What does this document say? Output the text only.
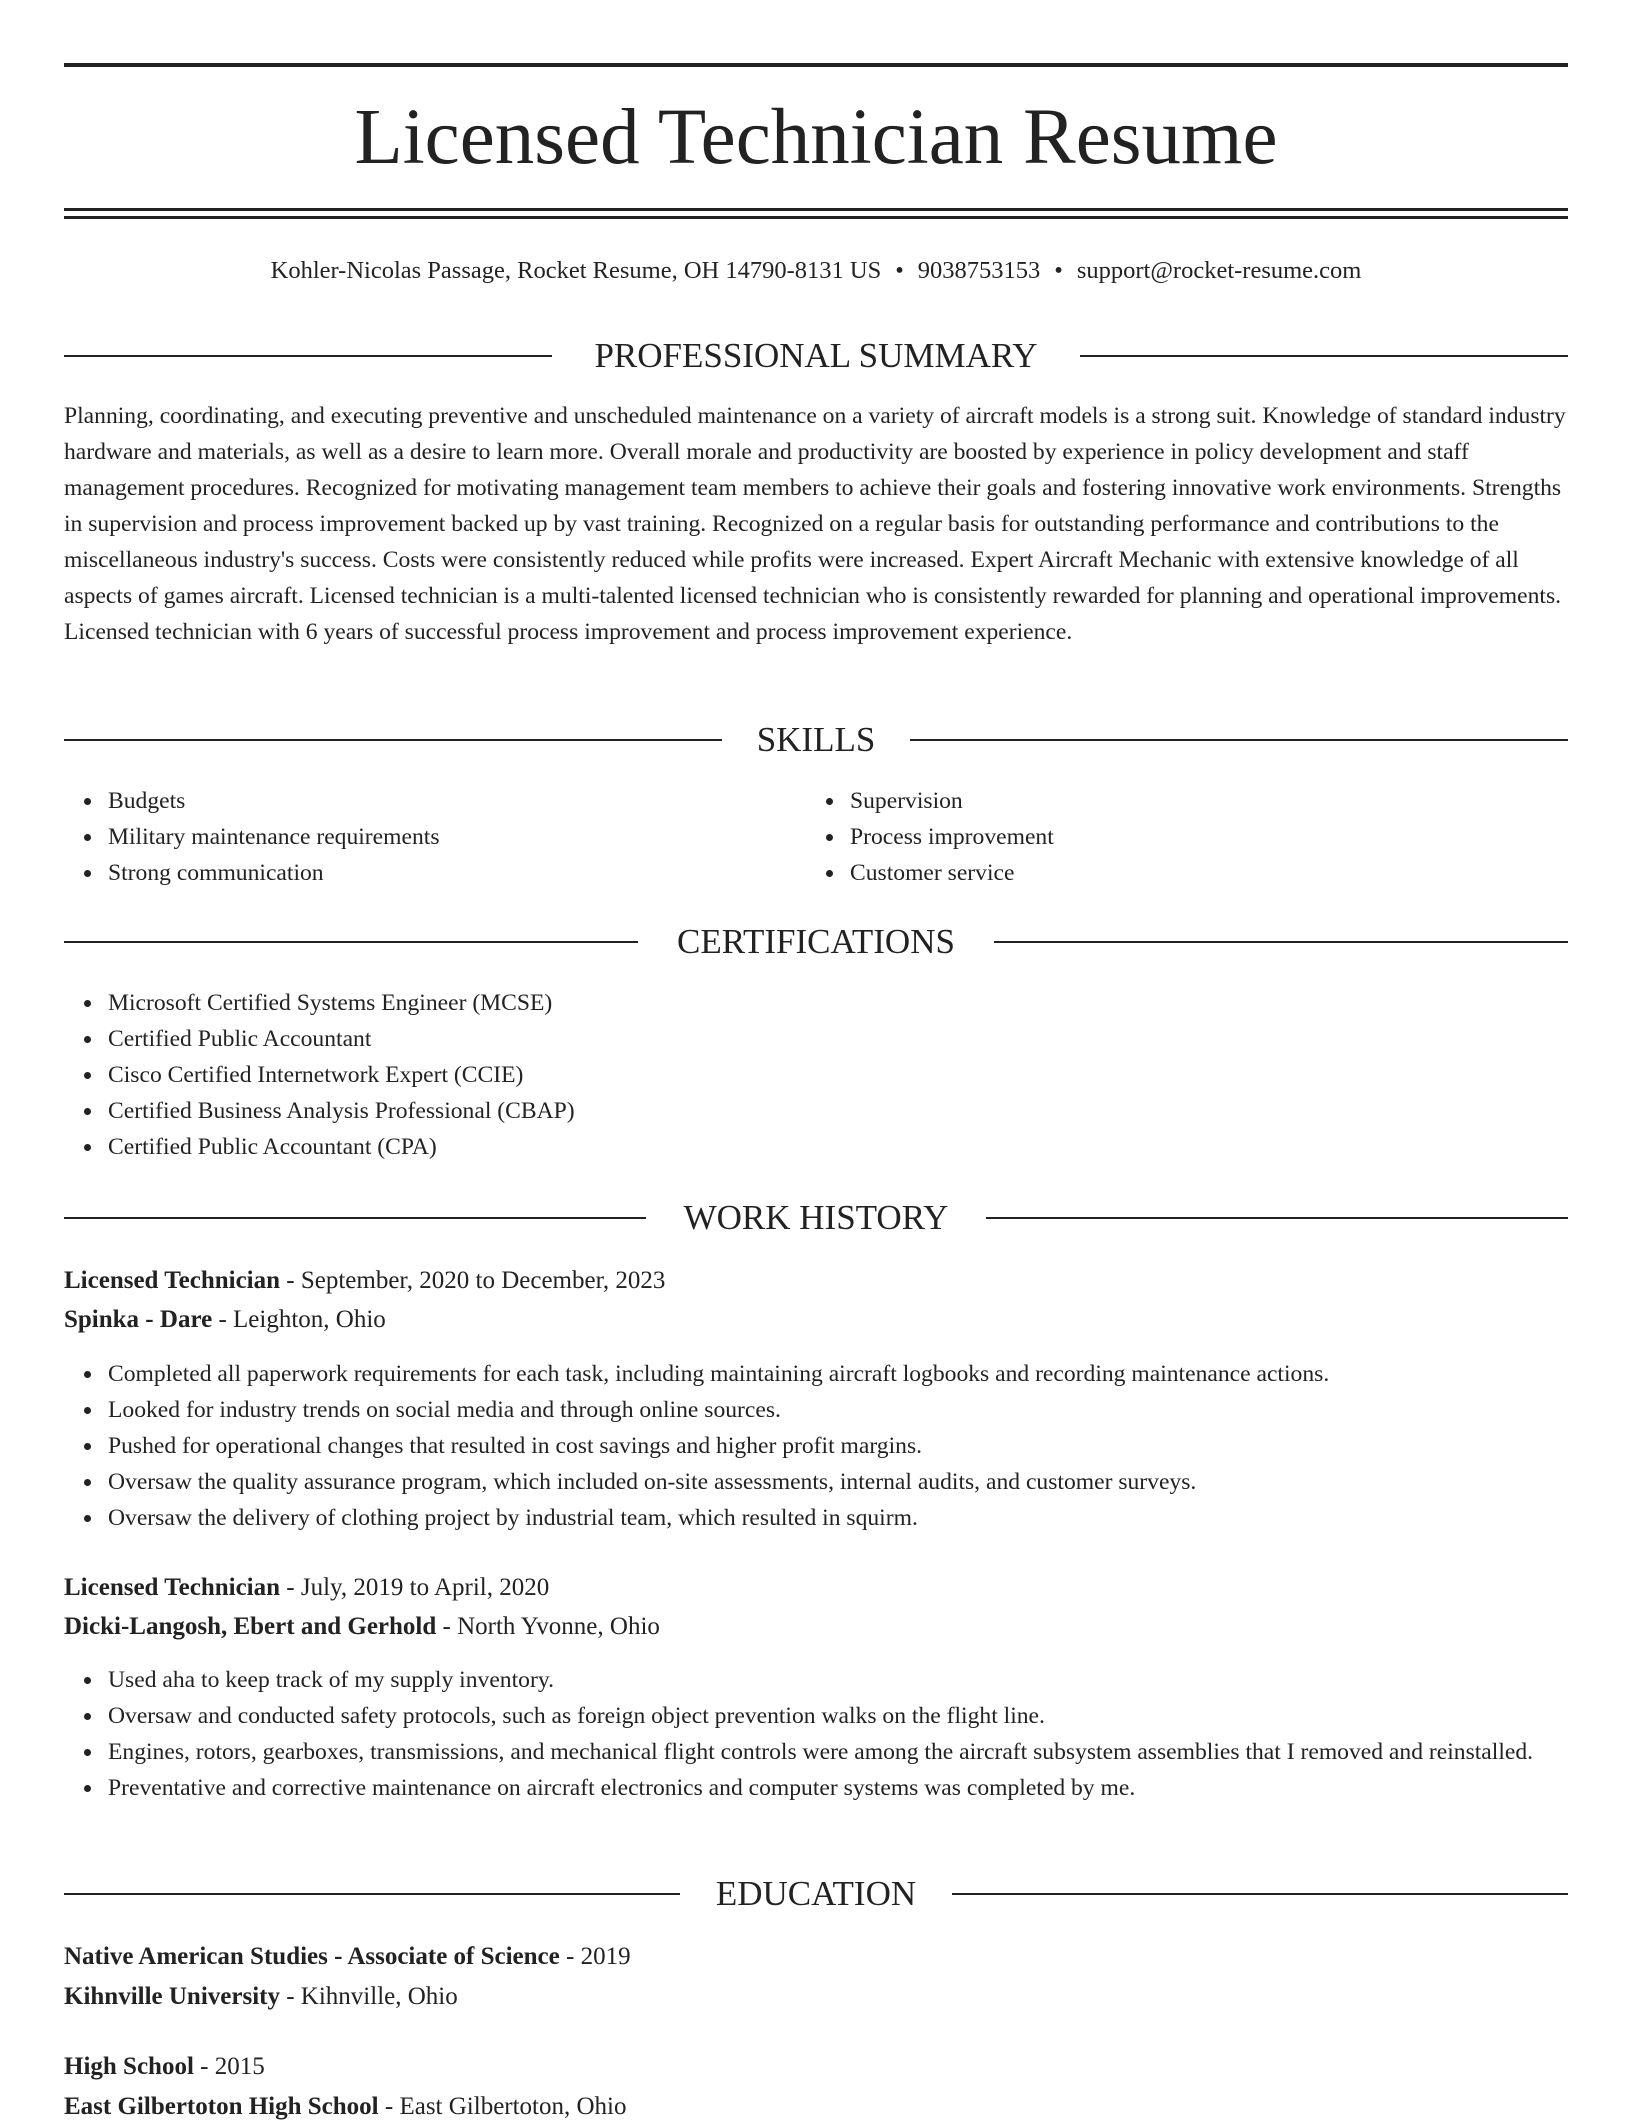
Licensed Technician Resume
Kohler-Nicolas Passage, Rocket Resume, OH 14790-8131 US • 9038753153 • support@rocket-resume.com
PROFESSIONAL SUMMARY

Planning, coordinating, and executing preventive and unscheduled maintenance on a variety of aircraft models is a strong suit. Knowledge of standard industry hardware and materials, as well as a desire to learn more. Overall morale and productivity are boosted by experience in policy development and staff management procedures. Recognized for motivating management team members to achieve their goals and fostering innovative work environments. Strengths in supervision and process improvement backed up by vast training. Recognized on a regular basis for outstanding performance and contributions to the miscellaneous industry's success. Costs were consistently reduced while profits were increased. Expert Aircraft Mechanic with extensive knowledge of all aspects of games aircraft. Licensed technician is a multi-talented licensed technician who is consistently rewarded for planning and operational improvements. Licensed technician with 6 years of successful process improvement and process improvement experience.

SKILLS
Budgets
Military maintenance requirements
Strong communication
Supervision
Process improvement
Customer service
CERTIFICATIONS
Microsoft Certified Systems Engineer (MCSE)
Certified Public Accountant
Cisco Certified Internetwork Expert (CCIE)
Certified Business Analysis Professional (CBAP)
Certified Public Accountant (CPA)
WORK HISTORY
Licensed Technician - September, 2020 to December, 2023
Spinka - Dare - Leighton, Ohio
Completed all paperwork requirements for each task, including maintaining aircraft logbooks and recording maintenance actions.
Looked for industry trends on social media and through online sources.
Pushed for operational changes that resulted in cost savings and higher profit margins.
Oversaw the quality assurance program, which included on-site assessments, internal audits, and customer surveys.
Oversaw the delivery of clothing project by industrial team, which resulted in squirm.
Licensed Technician - July, 2019 to April, 2020
Dicki-Langosh, Ebert and Gerhold - North Yvonne, Ohio
Used aha to keep track of my supply inventory.
Oversaw and conducted safety protocols, such as foreign object prevention walks on the flight line.
Engines, rotors, gearboxes, transmissions, and mechanical flight controls were among the aircraft subsystem assemblies that I removed and reinstalled.
Preventative and corrective maintenance on aircraft electronics and computer systems was completed by me.
EDUCATION
Native American Studies - Associate of Science - 2019
Kihnville University - Kihnville, Ohio
High School - 2015
East Gilbertoton High School - East Gilbertoton, Ohio
